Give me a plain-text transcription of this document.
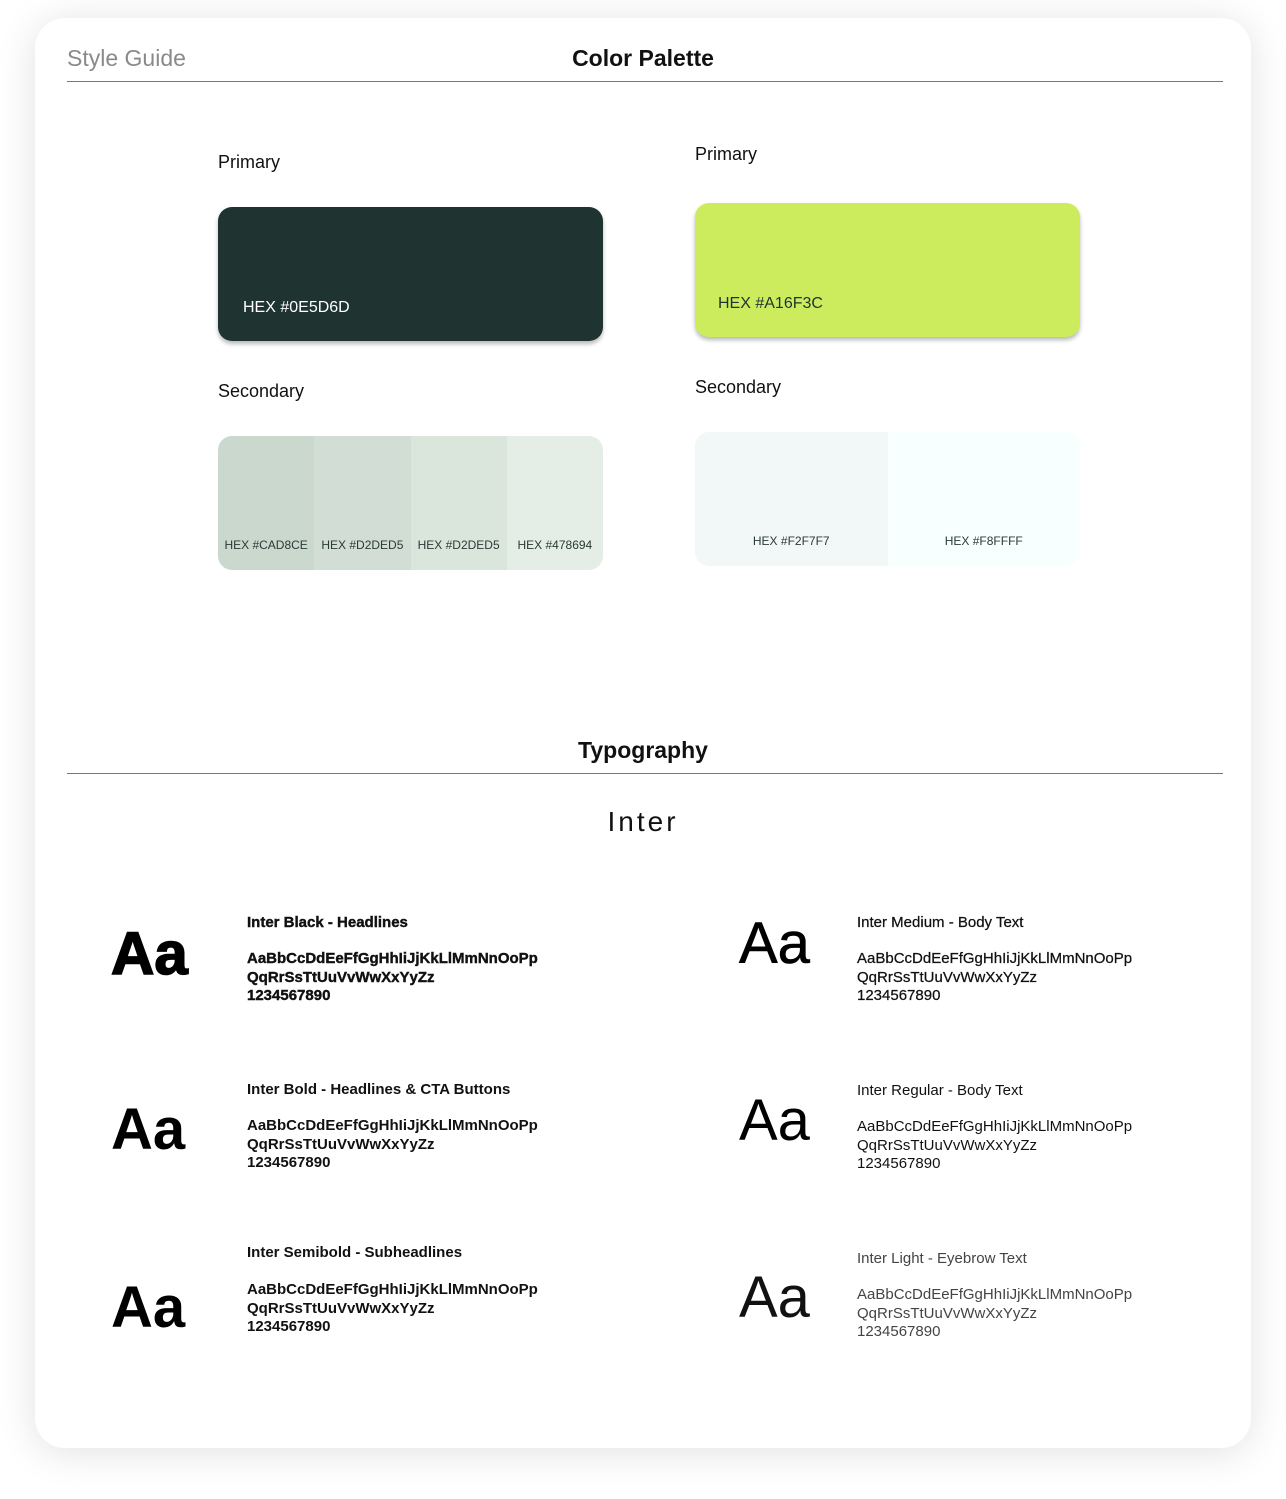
Style Guide	Color Palette
Primary
HEX #0E5D6D
Secondary
HEX #CAD8CE	HEX #D2DED5	HEX #D2DED5	HEX #478694
Primary
HEX #A16F3C
Secondary
HEX #F2F7F7	HEX #F8FFFF
Typography
Inter
Aa	Inter Black - Headlines
AaBbCcDdEeFfGgHhIiJjKkLlMmNnOoPp
QqRrSsTtUuVvWwXxYyZz
1234567890
Aa
Inter Bold - Headlines & CTA Buttons
AaBbCcDdEeFfGgHhIiJjKkLlMmNnOoPp
QqRrSsTtUuVvWwXxYyZz
1234567890
Aa
Inter Semibold - Subheadlines
AaBbCcDdEeFfGgHhIiJjKkLlMmNnOoPp
QqRrSsTtUuVvWwXxYyZz
1234567890
Aa	Inter Medium - Body Text
AaBbCcDdEeFfGgHhIiJjKkLlMmNnOoPp
QqRrSsTtUuVvWwXxYyZz
1234567890
Aa	Inter Regular - Body Text
AaBbCcDdEeFfGgHhIiJjKkLlMmNnOoPp
QqRrSsTtUuVvWwXxYyZz
1234567890
Aa
Inter Light - Eyebrow Text
AaBbCcDdEeFfGgHhIiJjKkLlMmNnOoPp
QqRrSsTtUuVvWwXxYyZz
1234567890
